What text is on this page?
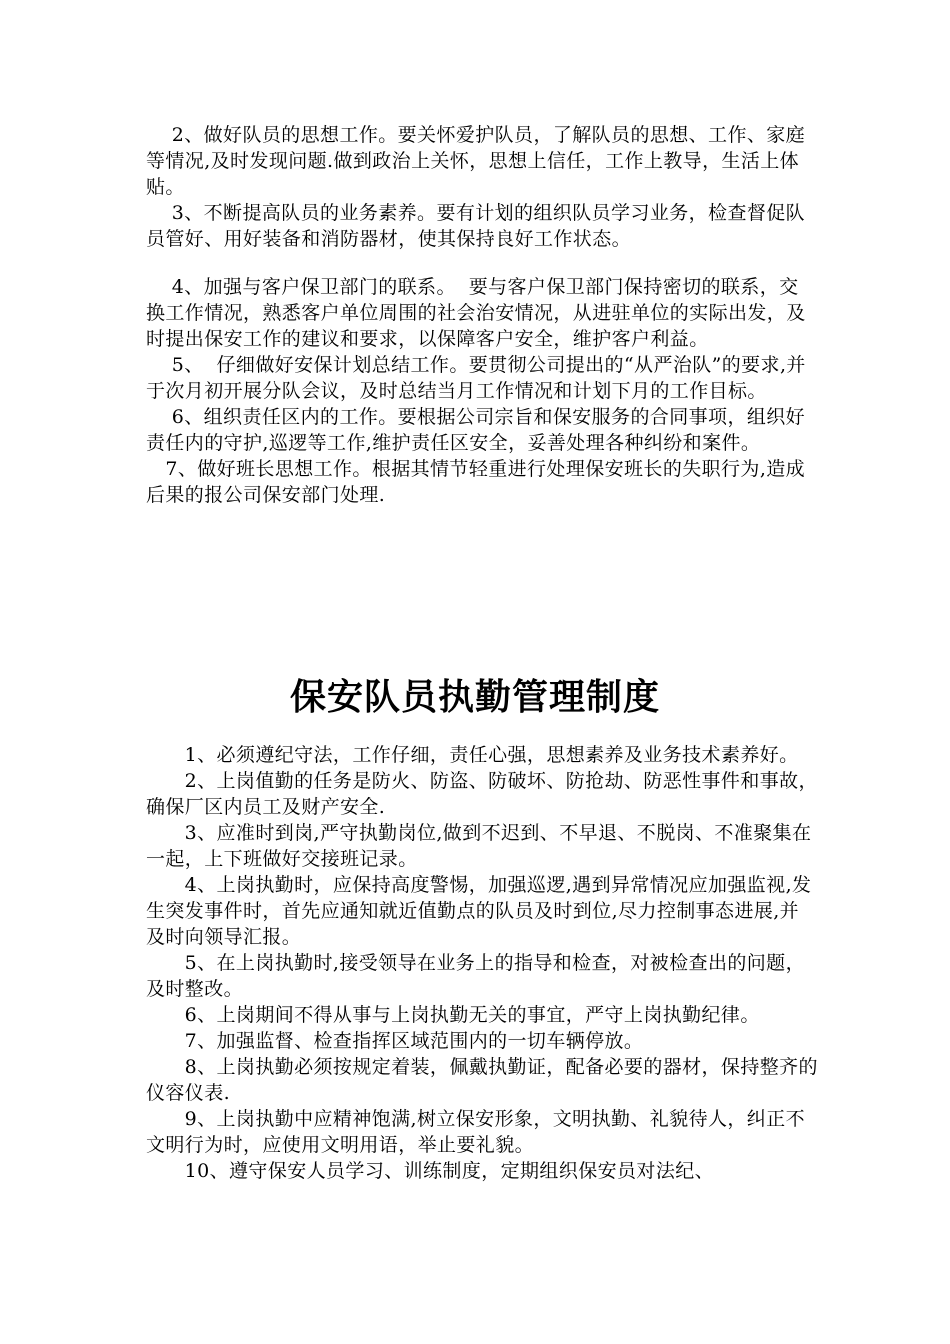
2、做好队员的思想工作。要关怀爱护队员，了解队员的思想、工作、家庭等情况,及时发现问题.做到政治上关怀，思想上信任，工作上教导，生活上体贴。

3、不断提高队员的业务素养。要有计划的组织队员学习业务，检查督促队员管好、用好装备和消防器材，使其保持良好工作状态。

4、加强与客户保卫部门的联系。  要与客户保卫部门保持密切的联系，交换工作情况，熟悉客户单位周围的社会治安情况，从进驻单位的实际出发，及时提出保安工作的建议和要求，以保障客户安全，维护客户利益。

5、  仔细做好安保计划总结工作。要贯彻公司提出的“从严治队”的要求,并于次月初开展分队会议，及时总结当月工作情况和计划下月的工作目标。

6、组织责任区内的工作。要根据公司宗旨和保安服务的合同事项，组织好责任内的守护,巡逻等工作,维护责任区安全，妥善处理各种纠纷和案件。

7、做好班长思想工作。根据其情节轻重进行处理保安班长的失职行为,造成后果的报公司保安部门处理.

保安队员执勤管理制度

1、必须遵纪守法，工作仔细，责任心强，思想素养及业务技术素养好。

2、上岗值勤的任务是防火、防盗、防破坏、防抢劫、防恶性事件和事故，确保厂区内员工及财产安全.

3、应准时到岗,严守执勤岗位,做到不迟到、不早退、不脱岗、不准聚集在一起，上下班做好交接班记录。

4、上岗执勤时，应保持高度警惕，加强巡逻,遇到异常情况应加强监视,发生突发事件时，首先应通知就近值勤点的队员及时到位,尽力控制事态进展,并及时向领导汇报。

5、在上岗执勤时,接受领导在业务上的指导和检查，对被检查出的问题，及时整改。

6、上岗期间不得从事与上岗执勤无关的事宜，严守上岗执勤纪律。

7、加强监督、检查指挥区域范围内的一切车辆停放。

8、上岗执勤必须按规定着装，佩戴执勤证，配备必要的器材，保持整齐的仪容仪表.

9、上岗执勤中应精神饱满,树立保安形象，文明执勤、礼貌待人，纠正不文明行为时，应使用文明用语，举止要礼貌。

10、遵守保安人员学习、训练制度，定期组织保安员对法纪、
